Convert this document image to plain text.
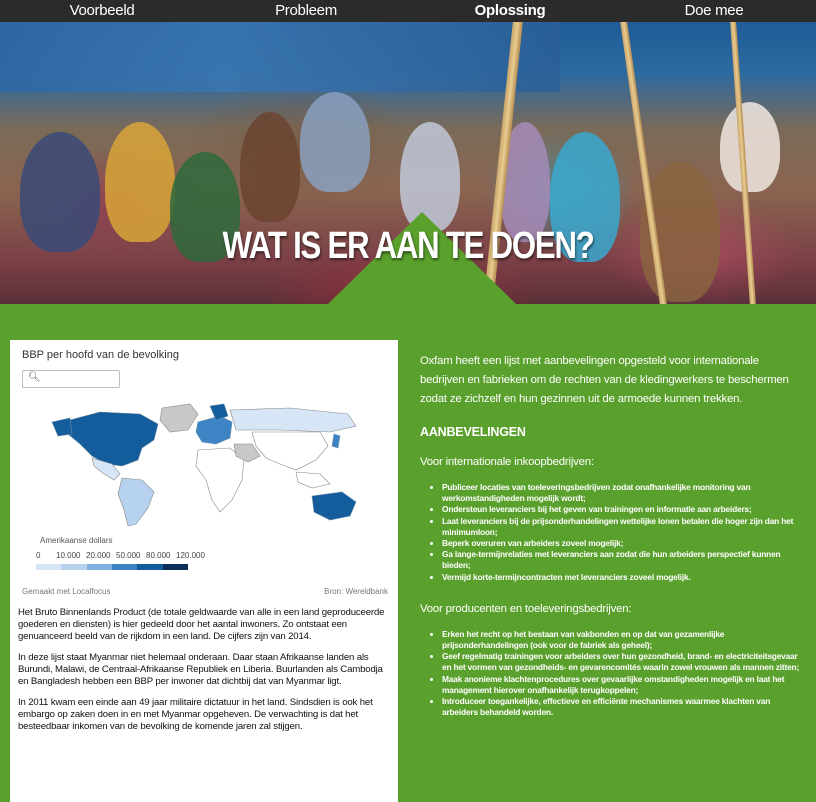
Voorbeeld	Probleem	Oplossing	Doe mee
WAT IS ER AAN TE DOEN?
BBP per hoofd van de bevolking
🔍︎
Amerikaanse dollars
0 10.000 20.000 50.000 80.000 120.000
Gemaakt met Localfocus	Bron: Wereldbank

Het Bruto Binnenlands Product (de totale geldwaarde van alle in een land geproduceerde goederen en diensten) is hier gedeeld door het aantal inwoners. Zo ontstaat een genuanceerd beeld van de rijkdom in een land. De cijfers zijn van 2014.

In deze lijst staat Myanmar niet helemaal onderaan. Daar staan Afrikaanse landen als Burundi, Malawi, de Centraal-Afrikaanse Republiek en Liberia. Buurlanden als Cambodja en Bangladesh hebben een BBP per inwoner dat dichtbij dat van Myanmar ligt.

In 2011 kwam een einde aan 49 jaar militaire dictatuur in het land. Sindsdien is ook het embargo op zaken doen in en met Myanmar opgeheven. De verwachting is dat het besteedbaar inkomen van de bevolking de komende jaren zal stijgen.

Oxfam heeft een lijst met aanbevelingen opgesteld voor internationale bedrijven en fabrieken om de rechten van de kledingwerkers te beschermen zodat ze zichzelf en hun gezinnen uit de armoede kunnen trekken.

AANBEVELINGEN
Voor internationale inkoopbedrijven:
• Publiceer locaties van toeleveringsbedrijven zodat onafhankelijke monitoring van werkomstandigheden mogelijk wordt;
• Ondersteun leveranciers bij het geven van trainingen en informatie aan arbeiders;
• Laat leveranciers bij de prijsonderhandelingen wettelijke lonen betalen die hoger zijn dan het minimumloon;
• Beperk overuren van arbeiders zoveel mogelijk;
• Ga lange-termijnrelaties met leveranciers aan zodat die hun arbeiders perspectief kunnen bieden;
• Vermijd korte-termijncontracten met leveranciers zoveel mogelijk.
Voor producenten en toeleveringsbedrijven:
• Erken het recht op het bestaan van vakbonden en op dat van gezamenlijke prijsonderhandelingen (ook voor de fabriek als geheel);
• Geef regelmatig trainingen voor arbeiders over hun gezondheid, brand- en electriciteitsgevaar en het vormen van gezondheids- en gevarencomités waarin zowel vrouwen als mannen zitten;
• Maak anonieme klachtenprocedures over gevaarlijke omstandigheden mogelijk en laat het management hierover onafhankelijk terugkoppelen;
• Introduceer toegankelijke, effectieve en efficiënte mechanismes waarmee klachten van arbeiders behandeld worden.
